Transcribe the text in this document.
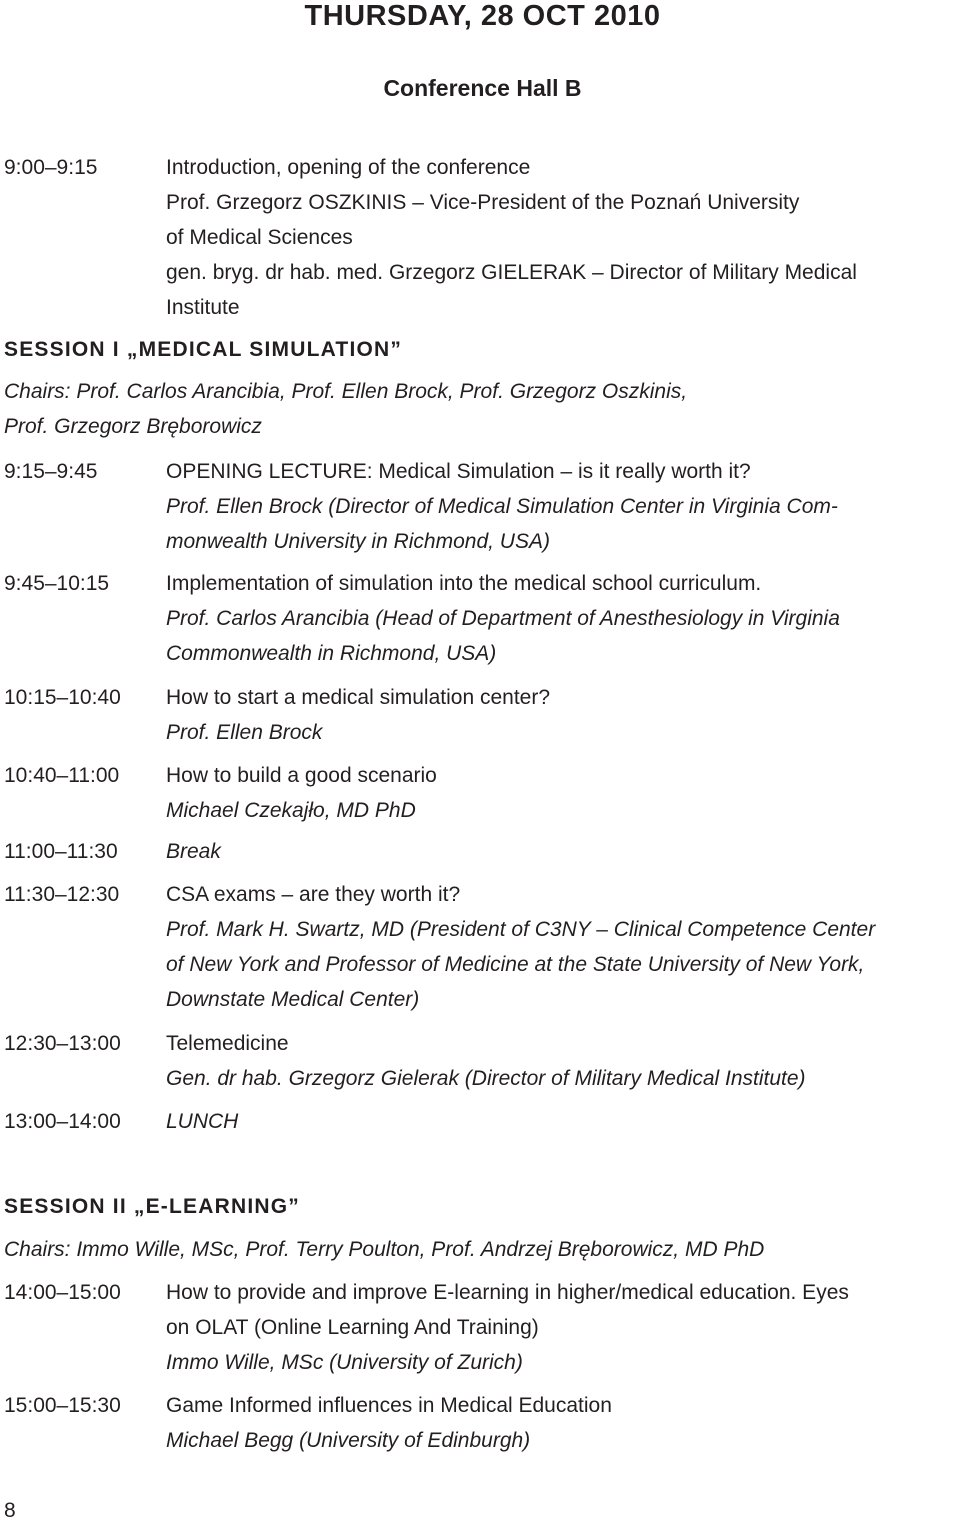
THURSDAY, 28 OCT 2010
Conference Hall B
9:00–9:15	Introduction, opening of the conference
Prof. Grzegorz OSZKINIS – Vice-President of the Poznań University
of Medical Sciences
gen. bryg. dr hab. med. Grzegorz GIELERAK – Director of Military Medical
Institute
9:15–9:45	OPENING LECTURE: Medical Simulation – is it really worth it?
Prof. Ellen Brock (Director of Medical Simulation Center in Virginia Com-
monwealth University in Richmond, USA)
9:45–10:15	Implementation of simulation into the medical school curriculum.
Prof. Carlos Arancibia (Head of Department of Anesthesiology in Virginia
Commonwealth in Richmond, USA)
10:15–10:40 How to start a medical simulation center?
Prof. Ellen Brock
10:40–11:00 How to build a good scenario
Michael Czekajło, MD PhD
11:00–11:30 Break
11:30–12:30 CSA exams – are they worth it?
Prof. Mark H. Swartz, MD (President of C3NY – Clinical Competence Center
of New York and Professor of Medicine at the State University of New York,
Downstate Medical Center)
12:30–13:00 Telemedicine
Gen. dr hab. Grzegorz Gielerak (Director of Military Medical Institute)
13:00–14:00 LUNCH
14:00–15:00 How to provide and improve E-learning in higher/medical education. Eyes
on OLAT (Online Learning And Training)
Immo Wille, MSc (University of Zurich)
15:00–15:30 Game Informed influences in Medical Education
Michael Begg (University of Edinburgh)
SESSION I „MEDICAL SIMULATION”
Chairs: Prof. Carlos Arancibia, Prof. Ellen Brock, Prof. Grzegorz Oszkinis,
Prof. Grzegorz Bręborowicz
SESSION II „E-LEARNING”
Chairs: Immo Wille, MSc, Prof. Terry Poulton, Prof. Andrzej Bręborowicz, MD PhD
8
